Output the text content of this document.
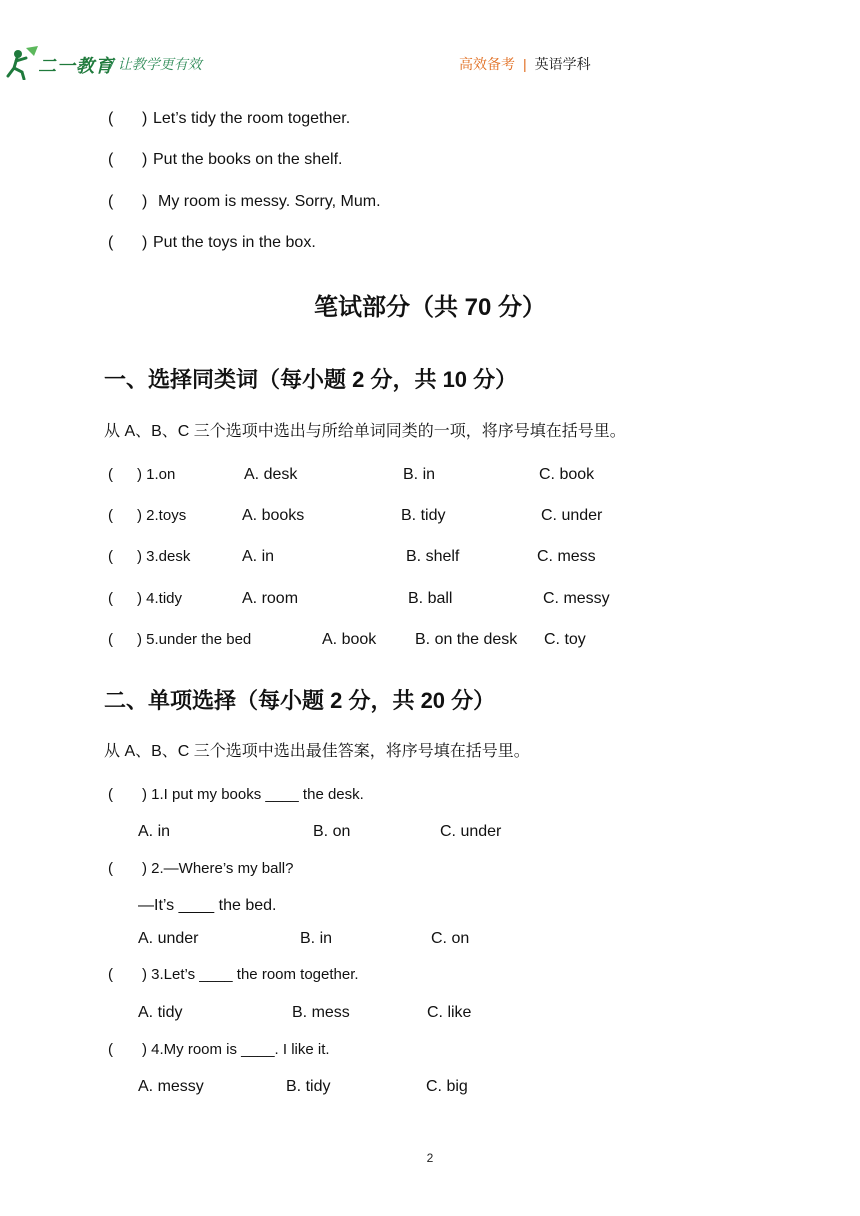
二一教育
/ 让教学更有效	高效备考 | 英语学科
( ) Let’s tidy the room together.
( ) Put the books on the shelf.
( ) My room is messy. Sorry, Mum.
( ) Put the toys in the box.
笔试部分（共 70 分）
一、选择同类词（每小题 2 分，共 10 分）
从 A、B、C 三个选项中选出与所给单词同类的一项，将序号填在括号里。
( ) 1.on	A. desk	B. in	C. book
( ) 2.toys	A. books	B. tidy	C. under
( ) 3.desk	A. in	B. shelf	C. mess
( ) 4.tidy	A. room	B. ball	C. messy
( ) 5.under the bed	A. book B. on the desk C. toy
二、单项选择（每小题 2 分，共 20 分）
从 A、B、C 三个选项中选出最佳答案，将序号填在括号里。
( ) 1.I put my books ____ the desk.
A. in	B. on	C. under
( ) 2.—Where’s my ball?
—It’s ____ the bed.
A. under	B. in	C. on
( ) 3.Let’s ____ the room together.
A. tidy	B. mess	C. like
( ) 4.My room is ____. I like it.
A. messy	B. tidy	C. big
2
